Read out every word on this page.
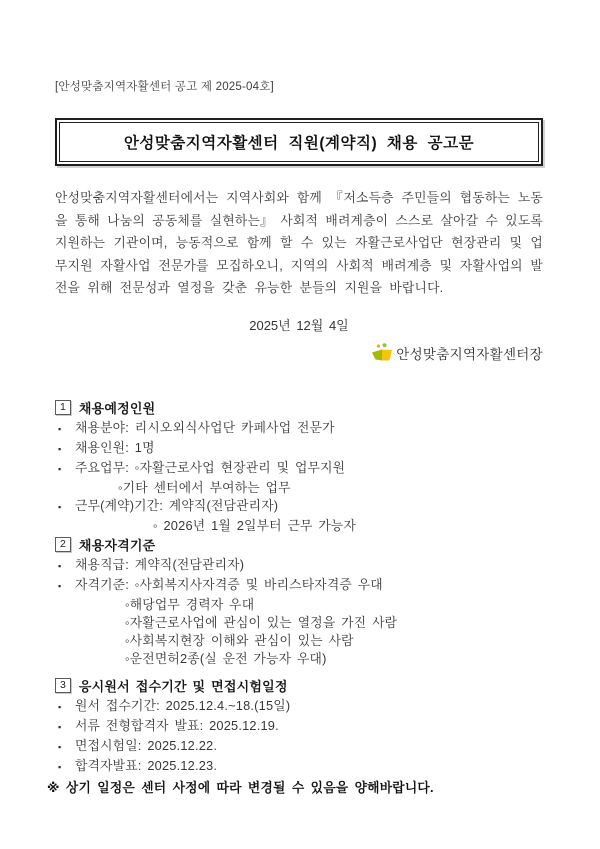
[안성맞춤지역자활센터 공고 제 2025-04호]
안성맞춤지역자활센터 직원(계약직) 채용 공고문

안성맞춤지역자활센터에서는 지역사회와 함께 『저소득층 주민들의 협동하는 노동을 통해 나눔의 공동체를 실현하는』 사회적 배려계층이 스스로 살아갈 수 있도록 지원하는 기관이며, 능동적으로 함께 할 수 있는 자활근로사업단 현장관리 및 업무지원 자활사업 전문가를 모집하오니, 지역의 사회적 배려계층 및 자활사업의 발전을 위해 전문성과 열정을 갖춘 유능한 분들의 지원을 바랍니다.

2025년 12월 4일
안성맞춤지역자활센터장
1	채용예정인원
▪	채용분야: 리시오외식사업단 카페사업 전문가
▪	채용인원: 1명
▪	주요업무: ◦자활근로사업 현장관리 및 업무지원
◦기타 센터에서 부여하는 업무
▪	근무(계약)기간: 계약직(전담관리자)
◦ 2026년 1월 2일부터 근무 가능자
2	채용자격기준
▪	채용직급: 계약직(전담관리자)
▪	자격기준: ◦사회복지사자격증 및 바리스타자격증 우대
◦해당업무 경력자 우대
◦자활근로사업에 관심이 있는 열정을 가진 사람
◦사회복지현장 이해와 관심이 있는 사람
◦운전면허2종(실 운전 가능자 우대)
3	응시원서 접수기간 및 면접시험일정
▪	원서 접수기간: 2025.12.4.~18.(15일)
▪	서류 전형합격자 발표: 2025.12.19.
▪	면접시험일: 2025.12.22.
▪	합격자발표: 2025.12.23.
※ 상기 일정은 센터 사정에 따라 변경될 수 있음을 양해바랍니다.
